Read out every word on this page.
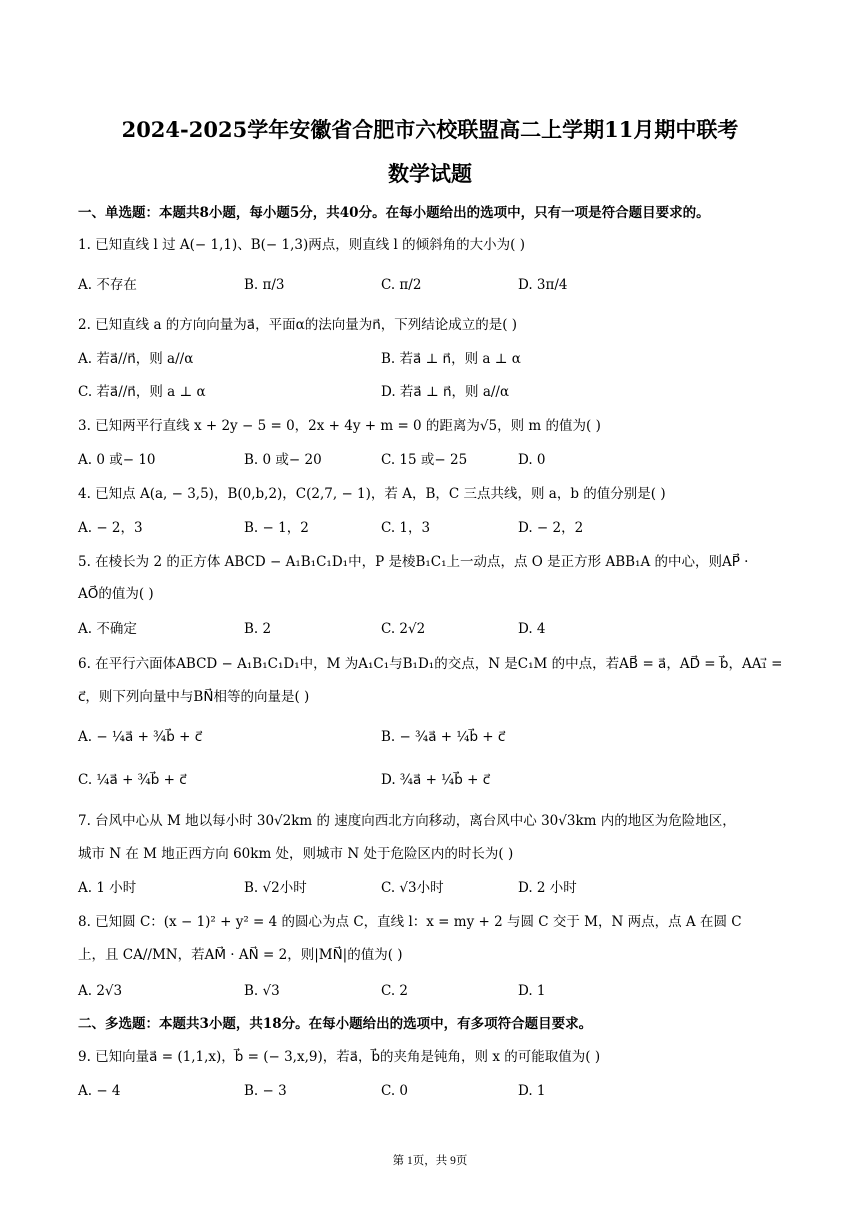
2024-2025学年安徽省合肥市六校联盟高二上学期11月期中联考
数学试题
一、单选题：本题共8小题，每小题5分，共40分。在每小题给出的选项中，只有一项是符合题目要求的。
1. 已知直线 l 过 A(− 1,1)、B(− 1,3)两点，则直线 l 的倾斜角的大小为( )
A. 不存在	B. π/3	C. π/2	D. 3π/4
2. 已知直线 a 的方向向量为a⃗，平面α的法向量为n⃗，下列结论成立的是( )
A. 若a⃗//n⃗，则 a//α	B. 若a⃗ ⊥ n⃗，则 a ⊥ α
C. 若a⃗//n⃗，则 a ⊥ α	D. 若a⃗ ⊥ n⃗，则 a//α
3. 已知两平行直线 x + 2y − 5 = 0，2x + 4y + m = 0 的距离为√5，则 m 的值为( )
A. 0 或− 10	B. 0 或− 20	C. 15 或− 25	D. 0
4. 已知点 A(a, − 3,5)，B(0,b,2)，C(2,7, − 1)，若 A，B，C 三点共线，则 a，b 的值分别是( )
A. − 2，3	B. − 1，2	C. 1，3	D. − 2，2
5. 在棱长为 2 的正方体 ABCD − A₁B₁C₁D₁中，P 是棱B₁C₁上一动点，点 O 是正方形 ABB₁A 的中心，则AP⃗ ·
AO⃗的值为( )
A. 不确定	B. 2	C. 2√2	D. 4
6. 在平行六面体ABCD − A₁B₁C₁D₁中，M 为A₁C₁与B₁D₁的交点，N 是C₁M 的中点，若AB⃗ = a⃗，AD⃗ = b⃗，AA₁⃗ =
c⃗，则下列向量中与BN⃗相等的向量是( )
A. − ¼a⃗ + ¾b⃗ + c⃗	B. − ¾a⃗ + ¼b⃗ + c⃗
C. ¼a⃗ + ¾b⃗ + c⃗	D. ¾a⃗ + ¼b⃗ + c⃗
7. 台风中心从 M 地以每小时 30√2km 的 速度向西北方向移动，离台风中心 30√3km 内的地区为危险地区，
城市 N 在 M 地正西方向 60km 处，则城市 N 处于危险区内的时长为( )
A. 1 小时	B. √2小时	C. √3小时	D. 2 小时
8. 已知圆 C：(x − 1)² + y² = 4 的圆心为点 C，直线 l：x = my + 2 与圆 C 交于 M，N 两点，点 A 在圆 C
上，且 CA//MN，若AM⃗ · AN⃗ = 2，则|MN⃗|的值为( )
A. 2√3	B. √3	C. 2	D. 1
二、多选题：本题共3小题，共18分。在每小题给出的选项中，有多项符合题目要求。
9. 已知向量a⃗ = (1,1,x)，b⃗ = (− 3,x,9)，若a⃗，b⃗的夹角是钝角，则 x 的可能取值为( )
A. − 4	B. − 3	C. 0	D. 1
第 1页，共 9页
